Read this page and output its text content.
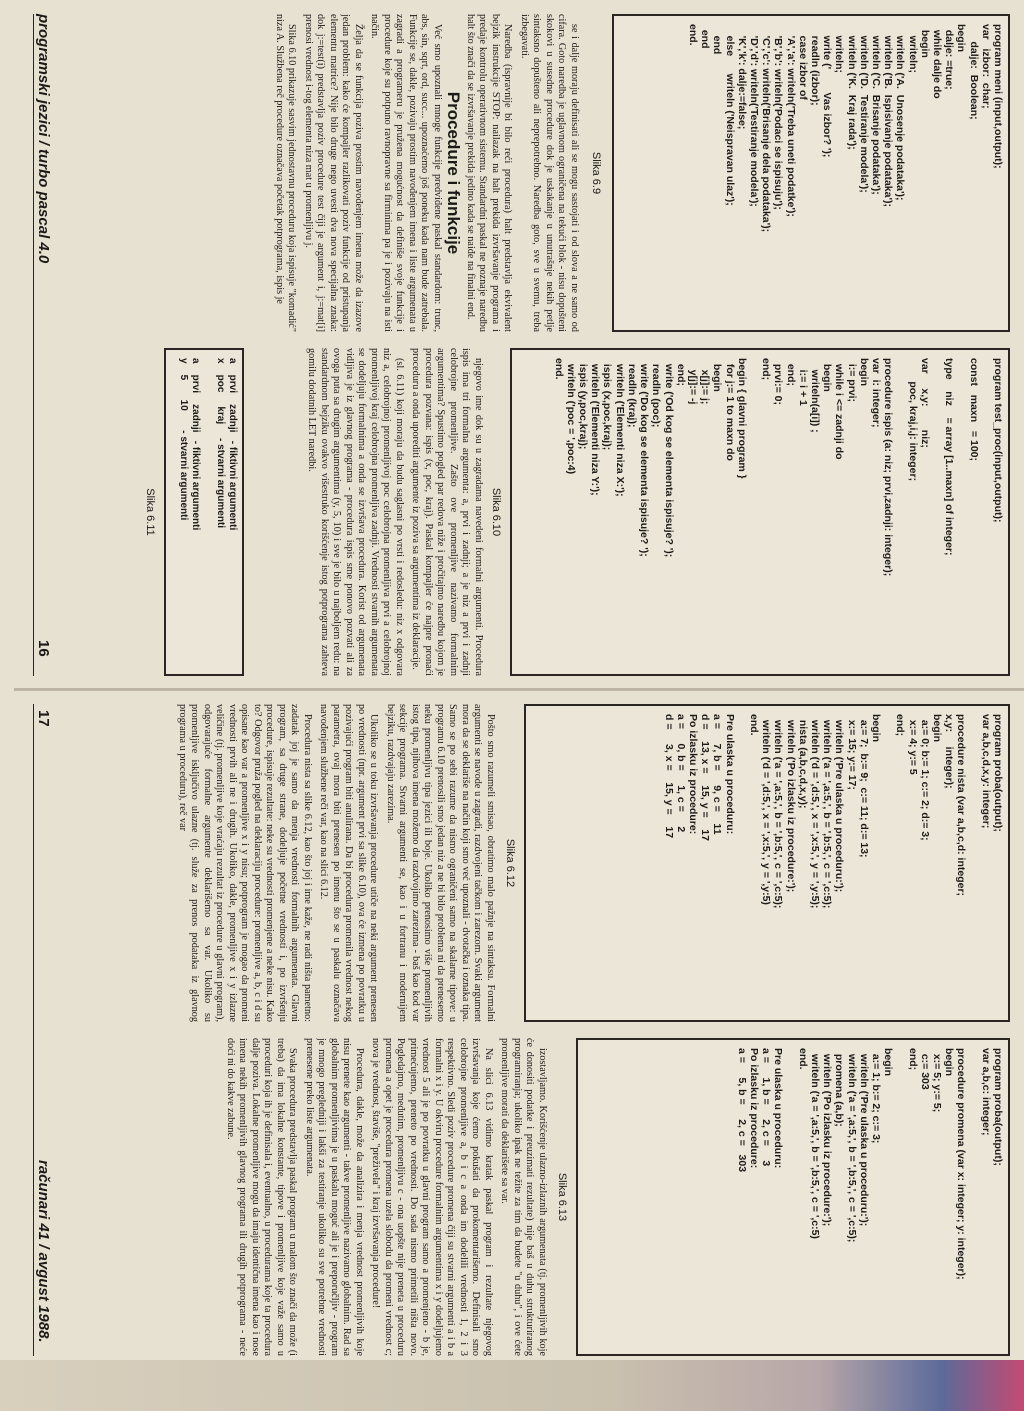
program meni (input,output);
var   izbor:  char;
dalje:  Boolean;
begin
dalje: =true;
while dalje do
begin
writeln;
writeln ('A.  Unosenje podataka');
writeln ('B.  Ispisivanje podataka');
writeln ('C.  Brisanje podataka');
writeln ('D.  Testiranje modela');
writeln ('K.  Kraj rada');
writeln;
write ('        Vas izbor? ');
readln (izbor);
case izbor of
'A','a': writeln('Treba uneti podatke');
'B','b': writeln('Podaci se ispisuju');
'C','c': writeln('Brisanje dela podataka');
'D','d': writeln('Testiranje modela');
'K','k': dalje:=false;
else      writeln ('Neispravan ulaz');
end
end
end.
Slika 6.9
program test_proc(input,output);

const   maxn   = 100;

type    niz    = array [1..maxn] of integer;

var     x,y:        niz;
poc, kraj,i,j: integer;

procedure ispis (a: niz; prvi,zadnji: integer);
var  i: integer;
begin
i:= prvi;
while i <= zadnji do
begin
writeln(a[i]) ;
i:= i + 1
end;
prvi:= 0;
end;

begin { glavni program }
for j:= 1 to maxn do
begin
x[j]:= j;
y[j]:= -j
end;
write ('Od kog se elementa ispisuje? ');
readln (poc);
write ('Do kog se elementa ispisuje? ');
readln (kraj);
writeln ('Elementi niza X:');
ispis (x,poc,kraj);
writeln ('Elementi niza Y:');
ispis (y,poc,kraj);
writeln ('poc = ',poc:4)
end.
Slika 6.10

se i dalje moraju definisati ali se mogu sastojati i od slova a ne samo od cifara. Goto naredba je uglavnom ograničena na tekući blok - nisu dopušteni skokovi u susedne procedure dok je uskakanje u unutrašnje nekih petlje sintaksno dopušteno ali neprepotrebno. Naredba goto, sve u svemu, treba izbegavati.

Naredba (ispravnije bi bilo reći procedura) halt predstavlja ekvivalent bejzik instrukcije STOP: nailazak na halt prekida izvršavanje programa i predaje kontrolu operativnom sistemu. Standardni paskal ne poznaje naredbu halt što znači da se izvršavanje prekida jedino kada se naiđe na finalni end.

Procedure i funkcije

Već smo upoznali mnoge funkcije predviđene paskal standardom: trunc, abs, sin, sqrt, ord, succ... upoznaćemo još poneku kada nam bude zatrebala. Funkcije se, dakle, pozivaju prostim navođenjem imena i liste argumenata u zagradi a programeru je pružena mogućnost da definiše svoje funkcije i procedure koje su potpuno ravnopravne sa firminima pa je i pozivaju na isti način.

Želja da se funkcija poziva prostim navođenjem imena može da izazove jedan problem: kako će kompajler razlikovati poziv funkcije od pristupanja elementu matrice? Nije bilo druge nego uvesti dva nova specijalna znaka: dok j:=test(i) predstavlja poziv procedure test čiji je argument i, j:=mat[i] prenosi vrednost i-tog elementa niza mat u promenljivu j.

Slika 6.10 prikazuje sasvim jednostavnu proceduru koja ispisuje "komadić" niza A. Službena reč procedure označava početak potprograma, ispis je

njegovo ime dok su u zagradama navedeni formalni argumenti. Procedura ispis ima tri formalna argumenta: a, prvi i zadnji; a je niz a prvi i zadnji celobrojne promenljive. Zašto ove promenljive nazivamo formalnim argumentima? Spustimo pogled par redova niže i pročitajmo naredbu kojom je procedura pozvana: ispis (x, poc, kraj). Paskal kompajler će najpre pronaći proceduru a onda uporediti argumente iz poziva sa argumentima iz deklaracije.

(sl. 6.11) koji moraju da budu saglasni po vrsti i redosledu: niz x odgovara niz a, celobrojnoj promenljivoj poc celobrojna promenljiva prvi a celobrojnoj promenljivoj kraj celobrojna promenljiva zadnji. Vrednosti stvarnih argumenata se dodeljuju formalnima a onda se izvršava procedura. Korist od argumenata vidljiva je iz glavnog programa - procedura ispis sme ponovo pozvati ali za ovoga puta sa drugim argumentima (y, 5, 10) i sve je bilo u najboljem redu: na standardnom bejziku ovakvo višestruko korišćenje istog potprograma zahteva gomilu dodatnih LET naredbi.

a    prvi    zadnji   - fiktivni argumenti
x    poc     kraj     - stvarni argumenti

a    prvi    zadnji   - fiktivni argumenti
y    5       10       - stvarni argumenti
Slika 6.11
programski jezici / turbo pascal 4.0
16
program proba(output);
var a,b,c,d,x,y: integer;

procedure nista (var a,b,c,d: integer;
x,y:     integer);
begin
a:= 0; b:= 1; c:= 2; d:= 3;
x:= 4; y:= 5
end;

begin
a:= 7;  b:= 9;  c:= 11; d:= 13;
x:= 15; y:= 17;
writeln ('Pre ulaska u proceduru:');
writeln ('a = ',a:5,', b = ',b:5,', c = ',c:5);
writeln ('d = ',d:5,', x = ',x:5,', y = ',y:5);
nista (a,b,c,d,x,y);
writeln ('Po izlasku iz procedure:');
writeln ('a = ',a:5,', b = ',b:5,', c = ',c:5);
writeln ('d = ',d:5,', x = ',x:5,', y = ',y:5)
end.

Pre ulaska u proceduru:
a =     7, b =     9, c =    11
d =    13, x =    15, y =    17
Po izlasku iz procedure:
a =     0, b =     1, c =     2
d =     3, x =    15, y =    17
Slika 6.12
program proba(output);
var a,b,c: integer;

procedure promena (var x: integer; y: integer);
begin
x:= 5; y:= 5;
c:= 303
end;

begin
a:= 1; b:= 2; c:= 3;
writeln ('Pre ulaska u proceduru:');
writeln ('a = ',a:5,', b = ',b:5,', c = ',c:5);
promena (a,b);
writeln ('Po izlasku iz procedure:');
writeln ('a = ',a:5,', b = ',b:5,', c = ',c:5)
end.

Pre ulaska u proceduru:
a =     1, b =     2, c =     3
Po izlasku iz procedure:
a =     5, b =     2, c =   303
Slika 6.13

Pošto smo razumeli smisao, obratimo malo pažnje na sintaksu. Formalni argumenti se navode u zagradi, razdvojeni tačkom i zarezom. Svaki argument mora da se deklariše na način koji smo već upoznali - dvotačka i oznaka tipa. Samo se po sebi razume da nismo ograničeni samo na skalarne tipove: u programu 6.10 prenosili smo jedan niz a ne bi bilo problema ni da prenesemo neku promenljivu tipa jezici ili boje. Ukoliko prenosimo više promenljivih istog tipa, njihova imena možemo da razdvojimo zarezima - baš kao kod var sekcije programa. Stvarni argumenti se, kao i u fortranu i modernijem bejziku, razdvajaju zarezima.

Ukoliko se u toku izvršavanja procedure utiče na neki argument prenesen po vrednosti (npr. argument prvi sa slike 6.10), ova će izmena po povratku u pozivajući program biti anulirana. Da bi procedura promenila vrednost nekog parametra, ovaj mora biti prenesen po imenu što se u paskalu označava navođenjem službene reči var, kao na slici 6.12.

Procedura nista sa slike 6.12, kao što joj i ime kaže, ne radi ništa pametno: zadatak joj je samo da menja vrednosti formalnih argumenata. Glavni program, sa druge strane, dodeljuje početne vrednosti i, po izvršenju procedure, ispisuje rezultate: neke su vrednosti promenjene a neke nisu. Kako to? Odgovor pruža pogled na deklaraciju procedure: promenljive a, b, c i d su opisane kao var a promenljive x i y nisu; potprogram je mogao da promeni vrednosti prvih ali ne i drugih. Ukoliko, dakle, promenljive x i y izlazne veličine (tj. promenljive koje vraćaju rezultat iz procedure u glavni program), odgovarajuće formalne argumente deklarišemo sa var. Ukoliko su promenljive isključivo ulazne (tj. služe za prenos podataka iz glavnog programa u proceduru), reč var

izostavljamo. Korišćenje ulazno-izlaznih argumenata (tj. promenljivih koje će donositi podatke i preuzimati rezultate) nije baš u duhu strukturiranog programiranja; ukoliko ipak ne težite za tim da budete "u duhu", i ove ćete promenljive morati da deklarišete sa var.

Na slici 6.13 vidimo kratak paskal program i rezultate njegovog izvršavanja koje ćemo pokušati da prokomentarišemo. Definisali smo celobrojne promenljive a, b i c a onda im dodelili vrednosti 1, 2 i 3 respektivno. Sledi poziv procedure promena čiji su stvarni argumenti a i b a formalni x i y. U okviru procedure formalnim argumentima x i y dodeljujemo vrednost 5 ali je po povratku u glavni program samo a promenjeno - b je, primećujemo, preneto po vrednosti. Do sada nismo primetili ništa novo. Pogledajmo, međutim, promenljivu c - ona uopšte nije preneta u proceduru promena a opet je procedura promena uzela slobodu da promeni vrednost c; nova je vrednost, štaviše, "preživela" i kraj izvršavanja procedure!

Procedura, dakle, može da analizira i menja vrednost promenljivih koje nisu prenete kao argumenti - takve promenljive nazivamo globalnim. Rad sa globalnim promenljivima je u paskalu moguć ali je i preporučljiv - program je mnogo pregledniji i lakši za testiranje ukoliko su sve potrebne vrednosti prenesene preko liste argumenata.

Svaka procedura predstavlja paskal program u malom što znači da može (i treba) da ima lokalne konstante, tipove i promenljive koje važe samo u proceduri koja ih je definisala i, eventualno, u procedurama koje ta procedura dalje poziva. Lokalne promenljive mogu da imaju identična imena kao i nose imena nekih promenljivih glavnog programa ili drugih potprograma - neće doći ni do kakve zabune.

17
računari 41 / avgust 1988.
